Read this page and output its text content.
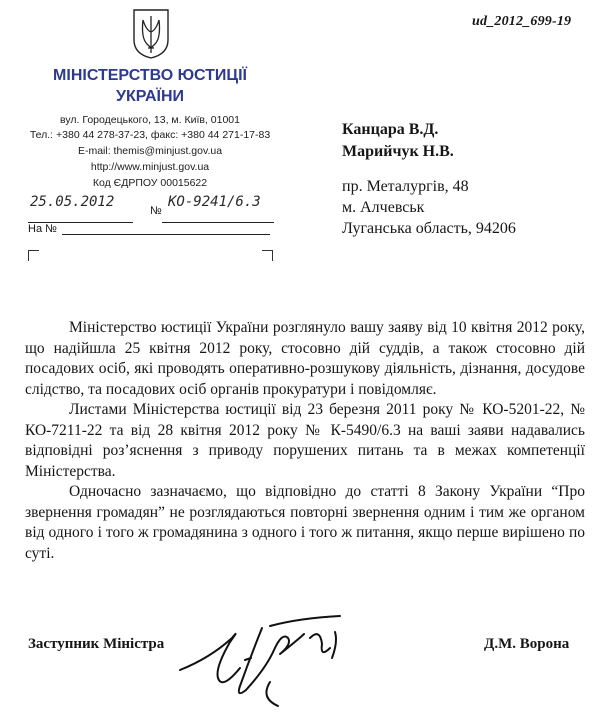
ud_2012_699-19
МІНІСТЕРСТВО ЮСТИЦІЇ
УКРАЇНИ
вул. Городецького, 13, м. Київ, 01001
Тел.: +380 44 278-37-23, факс: +380 44 271-17-83
E-mail: themis@minjust.gov.ua
http://www.minjust.gov.ua
Код ЄДРПОУ 00015622
25.05.2012
№
КО-9241/6.3
На №
Канцара В.Д.
Марийчук Н.В.
пр. Металургів, 48
м. Алчевськ
Луганська область, 94206

Міністерство юстиції України розглянуло вашу заяву від 10 квітня 2012 року, що надійшла 25 квітня 2012 року, стосовно дій суддів, а також стосовно дій посадових осіб, які проводять оперативно-розшукову діяльність, дізнання, досудове слідство, та посадових осіб органів прокуратури і повідомляє.

Листами Міністерства юстиції від 23 березня 2011 року № КО-5201-22, № КО-7211-22 та від 28 квітня 2012 року № К-5490/6.3 на ваші заяви надавались відповідні роз’яснення з приводу порушених питань та в межах компетенції Міністерства.

Одночасно зазначаємо, що відповідно до статті 8 Закону України “Про звернення громадян” не розглядаються повторні звернення одним і тим же органом від одного і того ж громадянина з одного і того ж питання, якщо перше вирішено по суті.

Заступник Міністра	Д.М. Ворона
